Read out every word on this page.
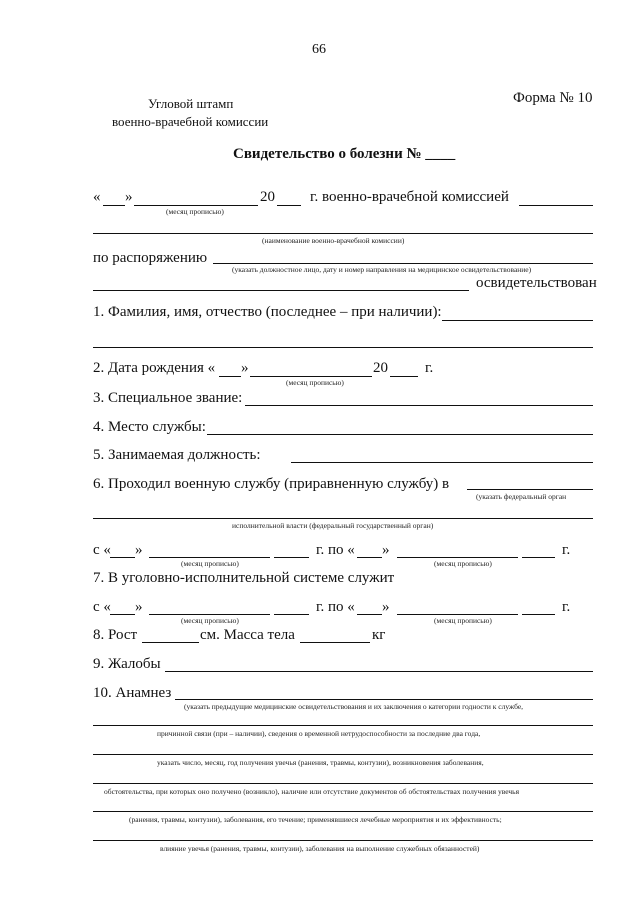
66
Угловой штамп
военно-врачебной комиссии
Форма № 10
Свидетельство о болезни № ____
« »	20 г. военно-врачебной комиссией
(месяц прописью)
(наименование военно-врачебной комиссии)
по распоряжению
(указать должностное лицо, дату и номер направления на медицинское освидетельствование)
освидетельствован
1. Фамилия, имя, отчество (последнее – при наличии):
2. Дата рождения « »	20 г.
(месяц прописью)
3. Специальное звание:
4. Место службы:
5. Занимаемая должность:
6. Проходил военную службу (приравненную службу) в
(указать федеральный орган
исполнительной власти (федеральный государственный орган)
с « »	г. по « »	г.
(месяц прописью)	(месяц прописью)
7. В уголовно-исполнительной системе служит
с « »	г. по « »	г.
(месяц прописью)	(месяц прописью)
8. Рост	см. Масса тела	кг
9. Жалобы
10. Анамнез
(указать предыдущие медицинские освидетельствования и их заключения о категории годности к службе,
причинной связи (при – наличии), сведения о временной нетрудоспособности за последние два года,
указать число, месяц, год получения увечья (ранения, травмы, контузии), возникновения заболевания,
обстоятельства, при которых оно получено (возникло), наличие или отсутствие документов об обстоятельствах получения увечья
(ранения, травмы, контузии), заболевания, его течение; применявшиеся лечебные мероприятия и их эффективность;
влияние увечья (ранения, травмы, контузии), заболевания на выполнение служебных обязанностей)
